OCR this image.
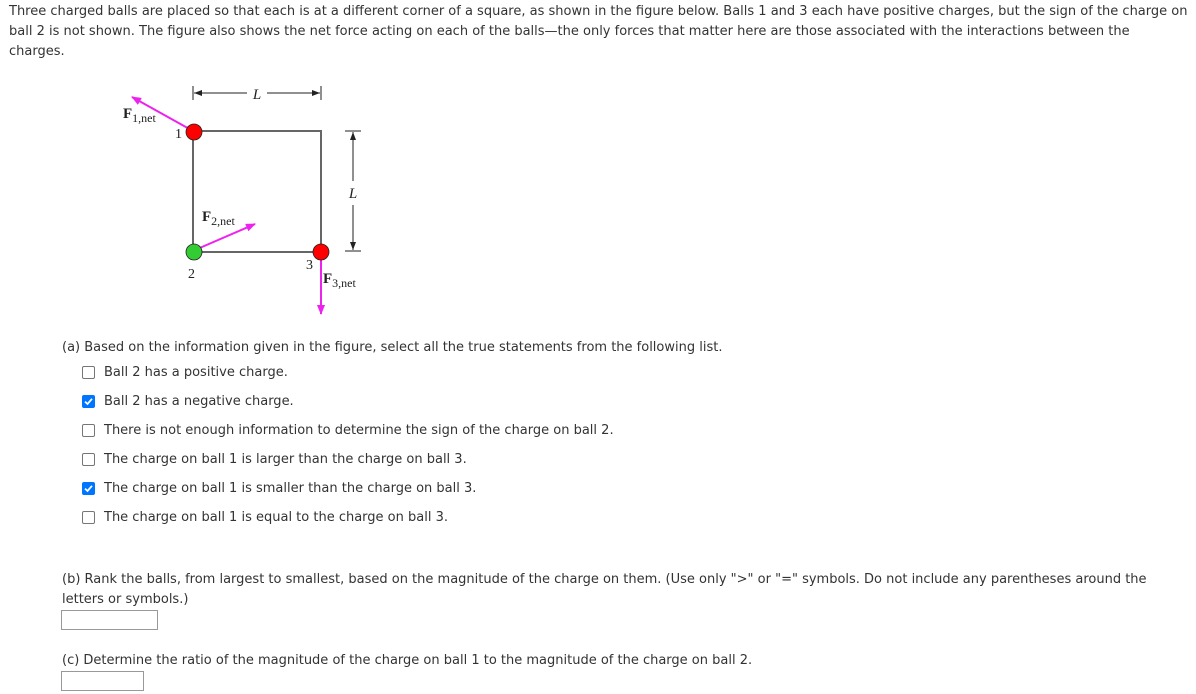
Three charged balls are placed so that each is at a different corner of a square, as shown in the figure below. Balls 1 and 3 each have positive charges, but the sign of the charge on ball 2 is not shown. The figure also shows the net force acting on each of the balls—the only forces that matter here are those associated with the interactions between the charges.

L
L
1
2
3
$F_{1,net}$
$F_{2,net}$
$F_{3,net}$
(a) Based on the information given in the figure, select all the true statements from the following list.
Ball 2 has a positive charge.
Ball 2 has a negative charge.
There is not enough information to determine the sign of the charge on ball 2.
The charge on ball 1 is larger than the charge on ball 3.
The charge on ball 1 is smaller than the charge on ball 3.
The charge on ball 1 is equal to the charge on ball 3.
(b) Rank the balls, from largest to smallest, based on the magnitude of the charge on them. (Use only ">" or "=" symbols. Do not include any parentheses around the letters or symbols.)
(c) Determine the ratio of the magnitude of the charge on ball 1 to the magnitude of the charge on ball 2.
